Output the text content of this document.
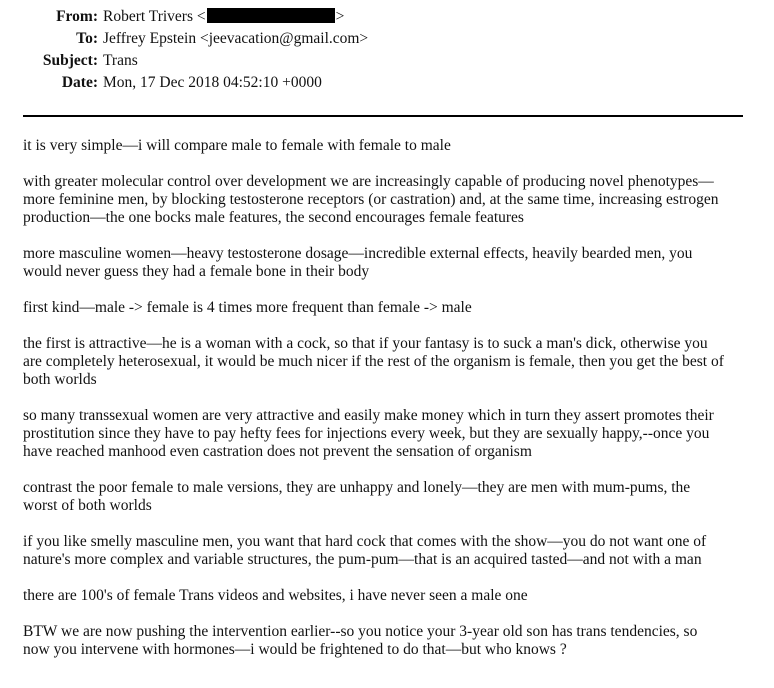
From: Robert Trivers <	>
To: Jeffrey Epstein <jeevacation@gmail.com>
Subject: Trans
Date: Mon, 17 Dec 2018 04:52:10 +0000
it is very simple—i will compare male to female with female to male
with greater molecular control over development we are increasingly capable of producing novel phenotypes—
more feminine men, by blocking testosterone receptors (or castration) and, at the same time, increasing estrogen
production—the one bocks male features, the second encourages female features
more masculine women—heavy testosterone dosage—incredible external effects, heavily bearded men, you
would never guess they had a female bone in their body
first kind—male -> female is 4 times more frequent than female -> male
the first is attractive—he is a woman with a cock, so that if your fantasy is to suck a man's dick, otherwise you
are completely heterosexual, it would be much nicer if the rest of the organism is female, then you get the best of
both worlds
so many transsexual women are very attractive and easily make money which in turn they assert promotes their
prostitution since they have to pay hefty fees for injections every week, but they are sexually happy,--once you
have reached manhood even castration does not prevent the sensation of organism
contrast the poor female to male versions, they are unhappy and lonely—they are men with mum-pums, the
worst of both worlds
if you like smelly masculine men, you want that hard cock that comes with the show—you do not want one of
nature's more complex and variable structures, the pum-pum—that is an acquired tasted—and not with a man
there are 100's of female Trans videos and websites, i have never seen a male one
BTW we are now pushing the intervention earlier--so you notice your 3-year old son has trans tendencies, so
now you intervene with hormones—i would be frightened to do that—but who knows ?
